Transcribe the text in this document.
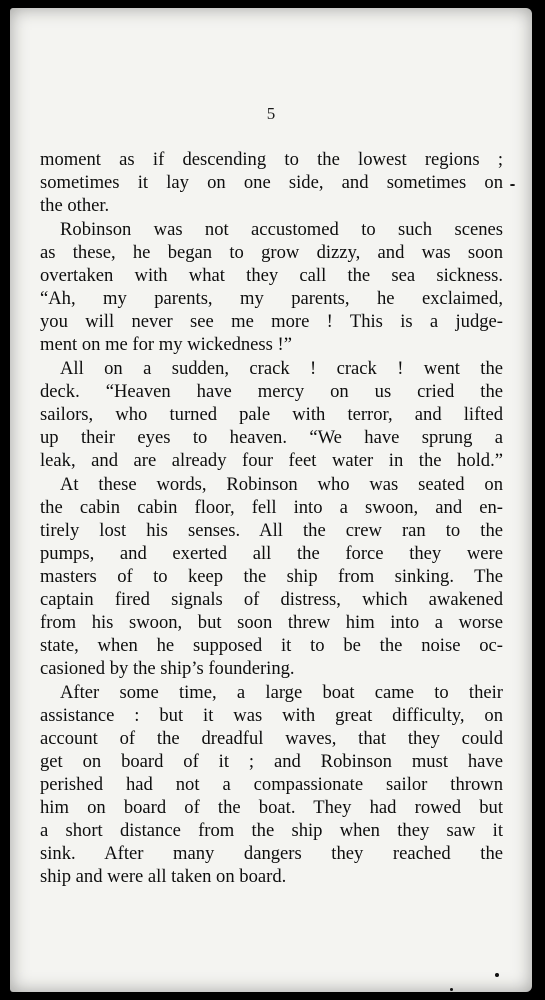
5
moment as if descending to the lowest regions ;
sometimes it lay on one side, and sometimes on
the other.
Robinson was not accustomed to such scenes
as these, he began to grow dizzy, and was soon
overtaken with what they call the sea sickness.
“Ah, my parents, my parents, he exclaimed,
you will never see me more ! This is a judge-
ment on me for my wickedness !”
All on a sudden, crack ! crack ! went the
deck. “Heaven have mercy on us cried the
sailors, who turned pale with terror, and lifted
up their eyes to heaven. “We have sprung a
leak, and are already four feet water in the hold.”
At these words, Robinson who was seated on
the cabin cabin floor, fell into a swoon, and en-
tirely lost his senses. All the crew ran to the
pumps, and exerted all the force they were
masters of to keep the ship from sinking. The
captain fired signals of distress, which awakened
from his swoon, but soon threw him into a worse
state, when he supposed it to be the noise oc-
casioned by the ship’s foundering.
After some time, a large boat came to their
assistance : but it was with great difficulty, on
account of the dreadful waves, that they could
get on board of it ; and Robinson must have
perished had not a compassionate sailor thrown
him on board of the boat. They had rowed but
a short distance from the ship when they saw it
sink. After many dangers they reached the
ship and were all taken on board.
